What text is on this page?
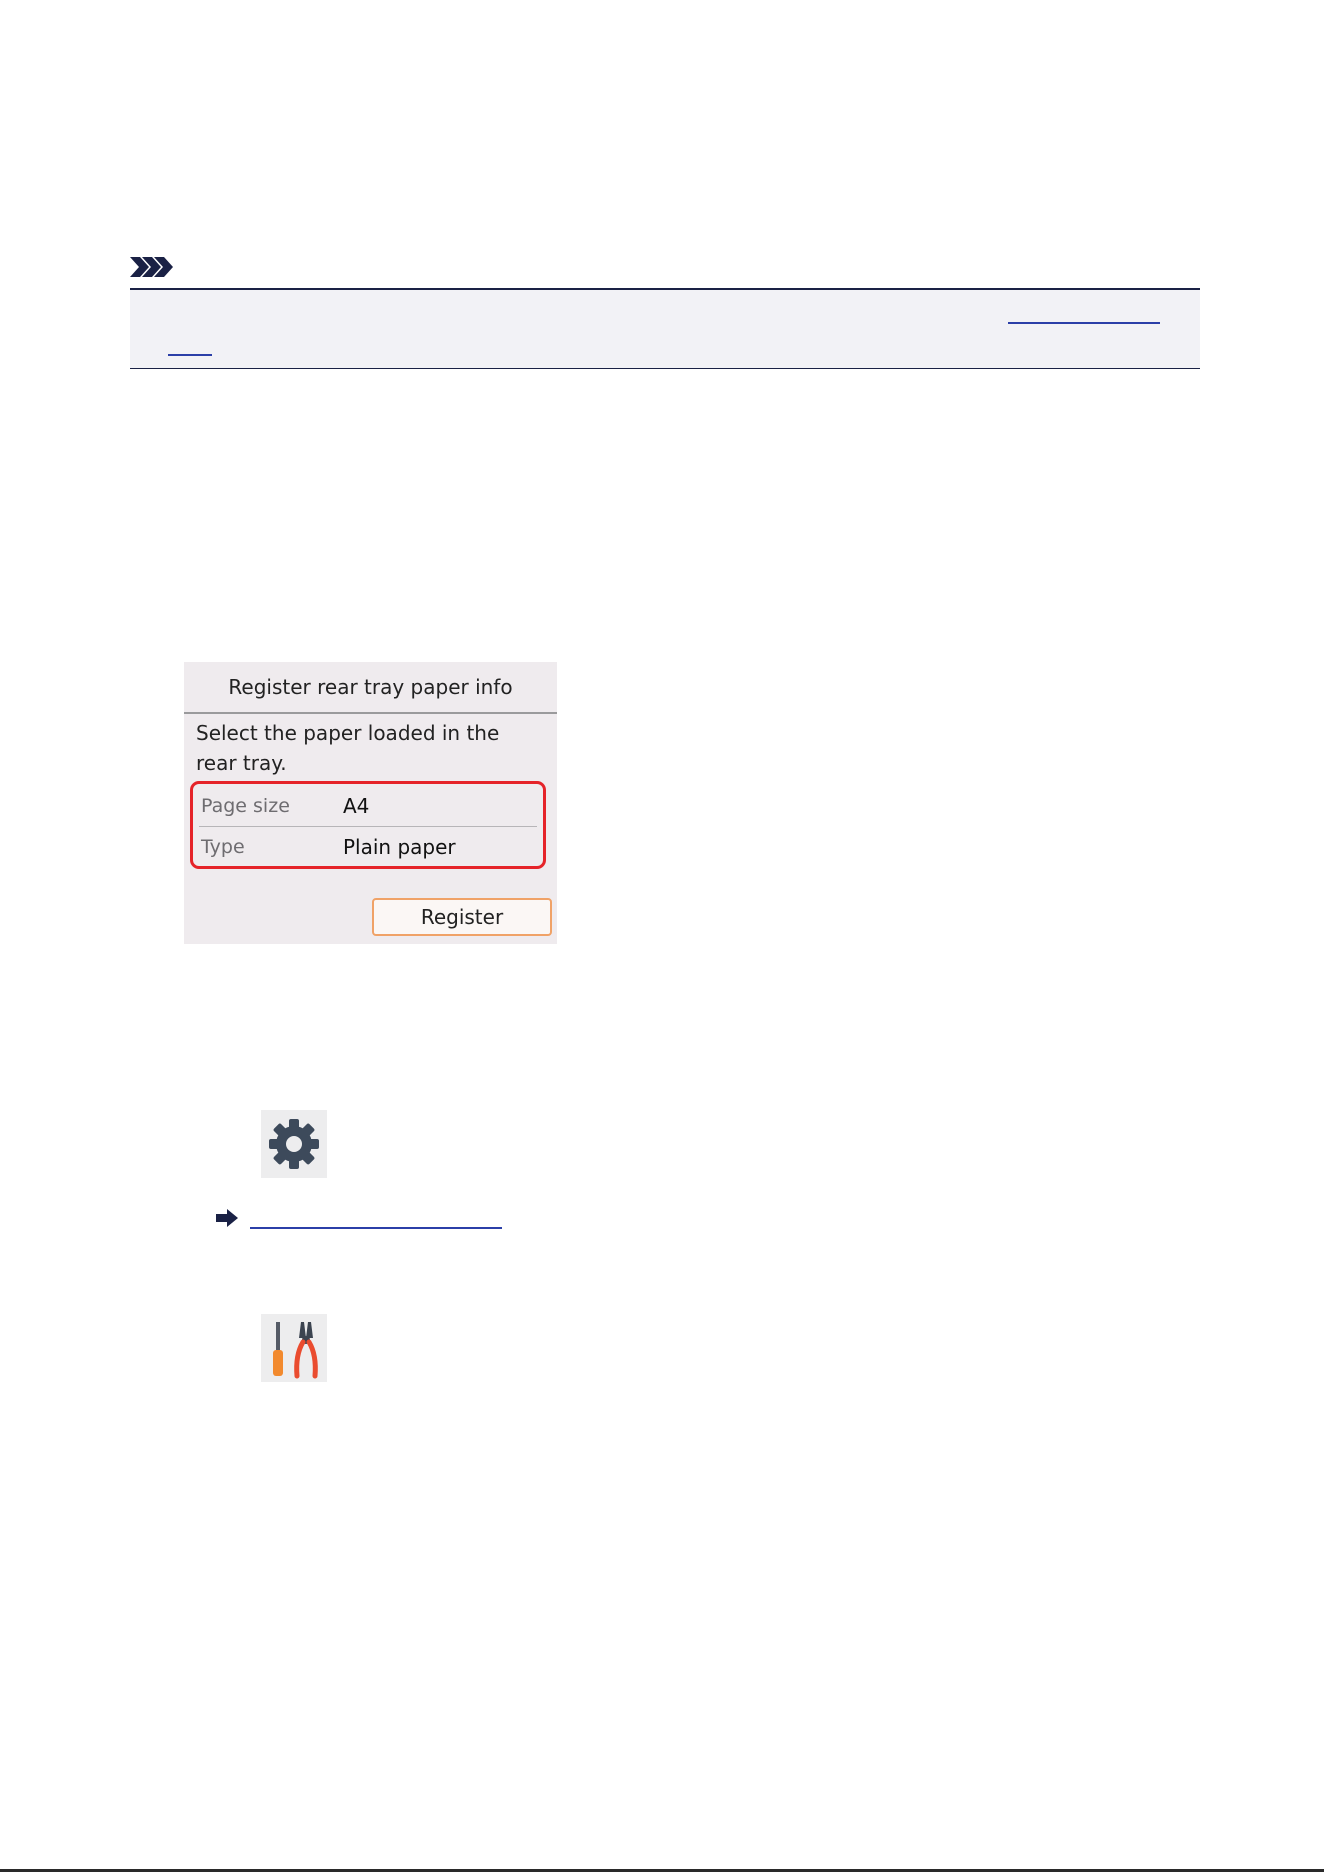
Register rear tray paper info
Select the paper loaded in the
rear tray.
Page size	A4
Type	Plain paper
Register
